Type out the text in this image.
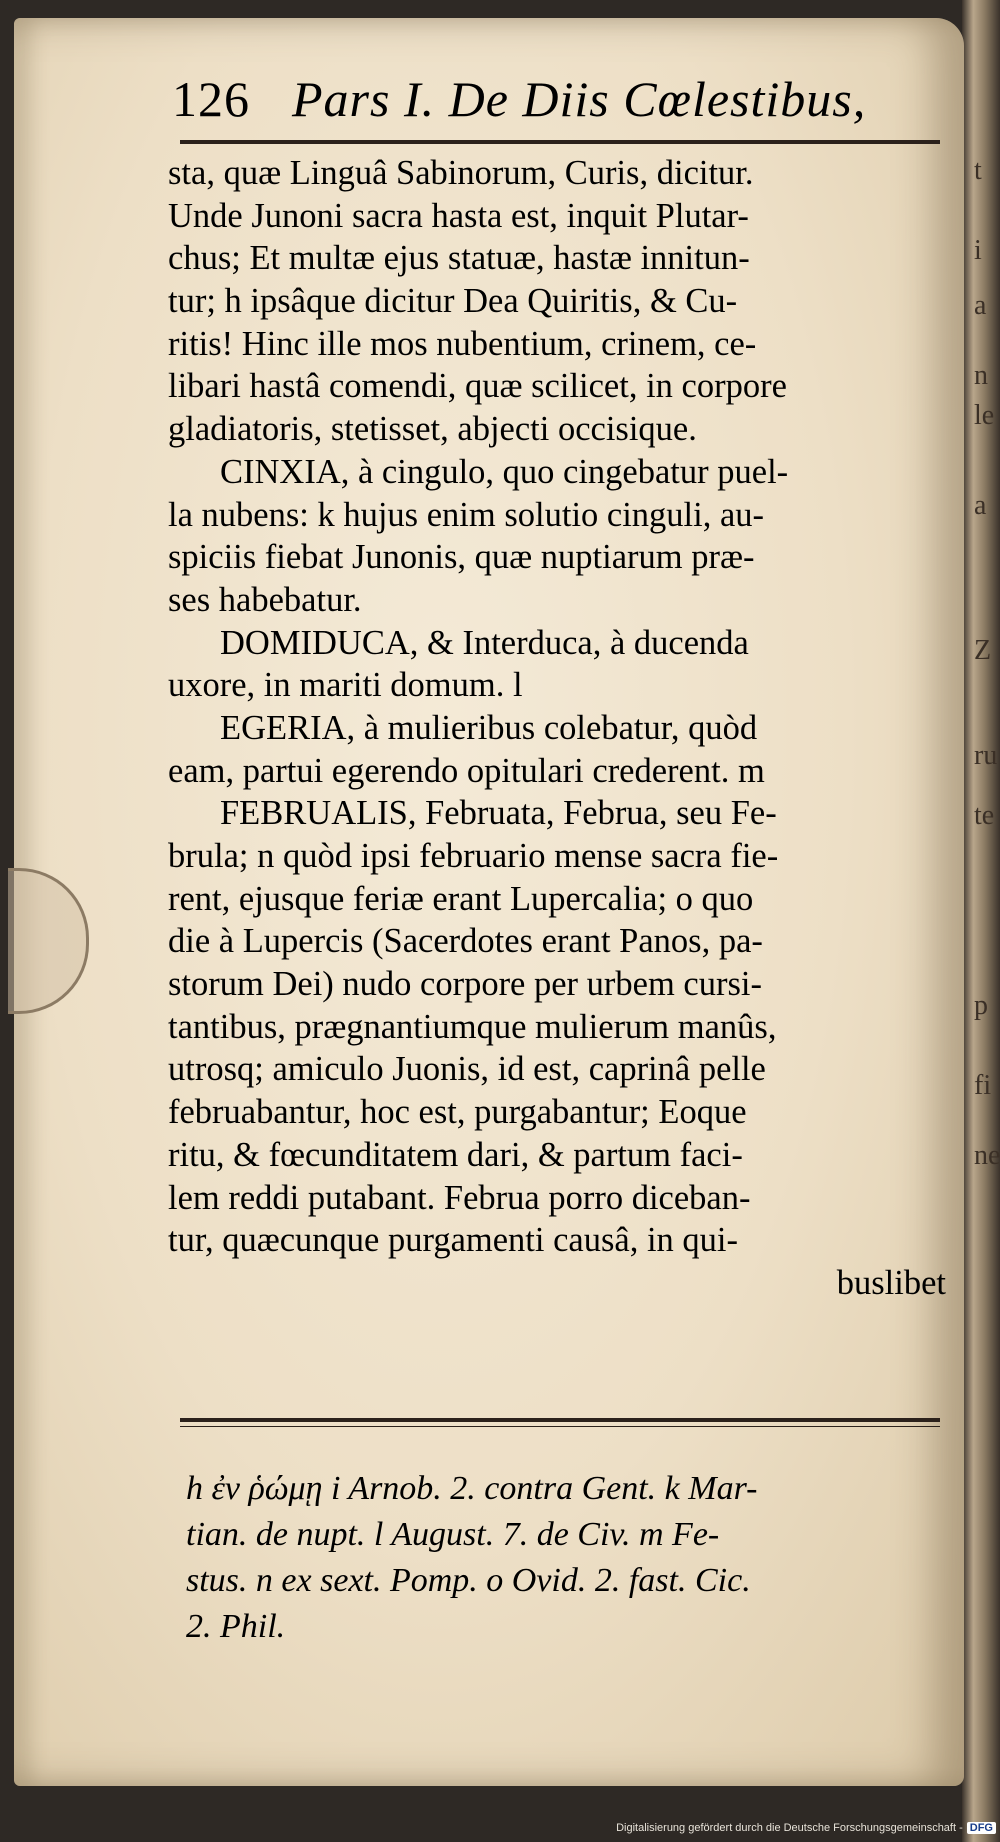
t
i
a
n
le
a
Z
ru
te
p
fi
ne
126 Pars I. De Diis Cœlestibus,
sta, quæ Linguâ Sabinorum, Curis, dicitur.
Unde Junoni sacra hasta est, inquit Plutar-
chus; Et multæ ejus statuæ, hastæ innitun-
tur; h ipsâque dicitur Dea Quiritis, & Cu-
ritis! Hinc ille mos nubentium, crinem, ce-
libari hastâ comendi, quæ scilicet, in corpore
gladiatoris, stetisset, abjecti occisique.
CINXIA, à cingulo, quo cingebatur puel-
la nubens: k hujus enim solutio cinguli, au-
spiciis fiebat Junonis, quæ nuptiarum præ-
ses habebatur.
DOMIDUCA, & Interduca, à ducenda
uxore, in mariti domum. l
EGERIA, à mulieribus colebatur, quòd
eam, partui egerendo opitulari crederent. m
FEBRUALIS, Februata, Februa, seu Fe-
brula; n quòd ipsi februario mense sacra fie-
rent, ejusque feriæ erant Lupercalia; o quo
die à Lupercis (Sacerdotes erant Panos, pa-
storum Dei) nudo corpore per urbem cursi-
tantibus, prægnantiumque mulierum manûs,
utrosq; amiculo Juonis, id est, caprinâ pelle
februabantur, hoc est, purgabantur; Eoque
ritu, & fœcunditatem dari, & partum faci-
lem reddi putabant. Februa porro diceban-
tur, quæcunque purgamenti causâ, in qui-
buslibet
h ἐν ῥώμῃ i Arnob. 2. contra Gent. k Mar-
tian. de nupt. l August. 7. de Civ. m Fe-
stus. n ex sext. Pomp. o Ovid. 2. fast. Cic.
2. Phil.
Digitalisierung gefördert durch die Deutsche Forschungsgemeinschaft - DFG
